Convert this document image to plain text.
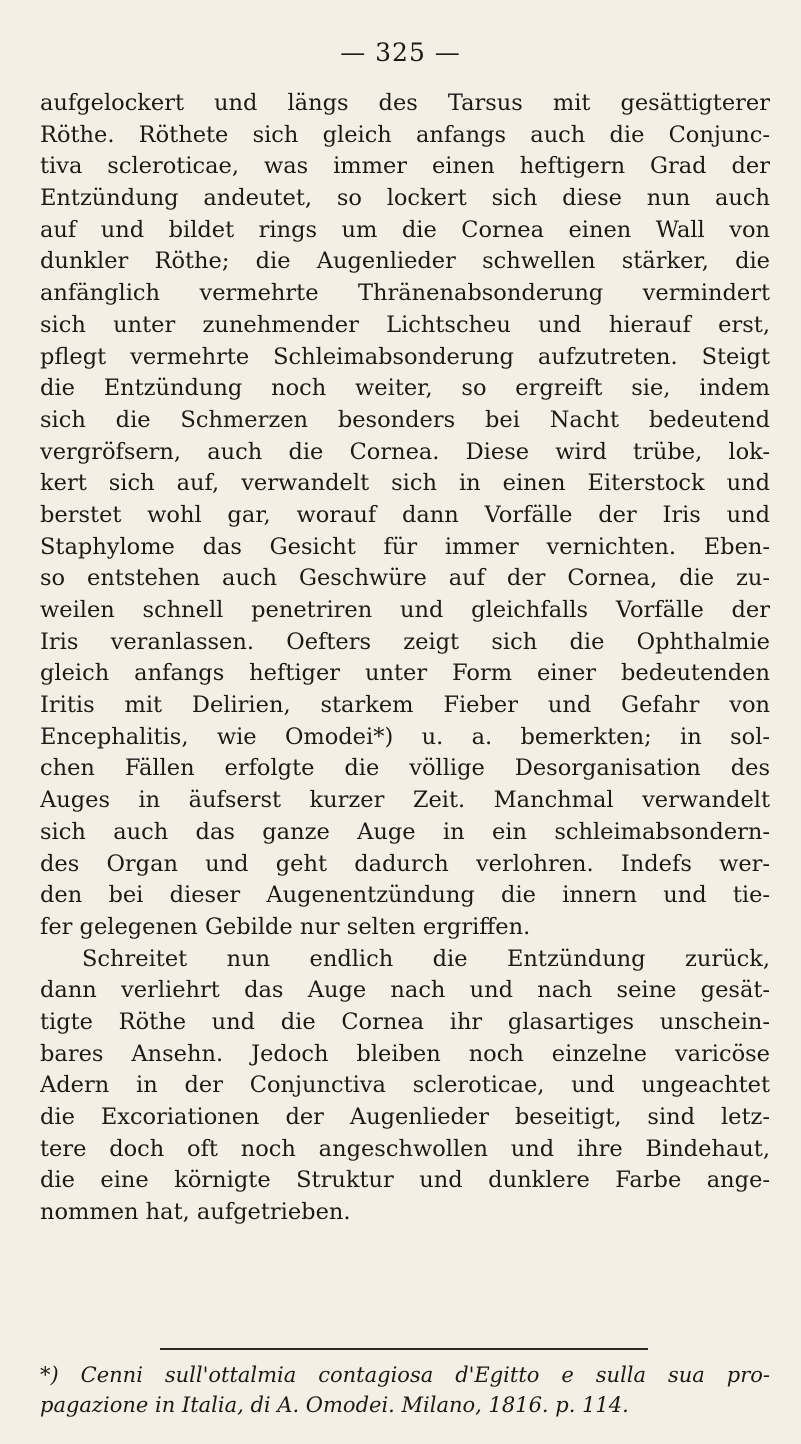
— 325 —
aufgelockert und längs des Tarsus mit gesättigterer
Röthe. Röthete sich gleich anfangs auch die Conjunc-
tiva scleroticae, was immer einen heftigern Grad der
Entzündung andeutet, so lockert sich diese nun auch
auf und bildet rings um die Cornea einen Wall von
dunkler Röthe; die Augenlieder schwellen stärker, die
anfänglich vermehrte Thränenabsonderung vermindert
sich unter zunehmender Lichtscheu und hierauf erst,
pflegt vermehrte Schleimabsonderung aufzutreten. Steigt
die Entzündung noch weiter, so ergreift sie, indem
sich die Schmerzen besonders bei Nacht bedeutend
vergröfsern, auch die Cornea. Diese wird trübe, lok-
kert sich auf, verwandelt sich in einen Eiterstock und
berstet wohl gar, worauf dann Vorfälle der Iris und
Staphylome das Gesicht für immer vernichten. Eben-
so entstehen auch Geschwüre auf der Cornea, die zu-
weilen schnell penetriren und gleichfalls Vorfälle der
Iris veranlassen. Oefters zeigt sich die Ophthalmie
gleich anfangs heftiger unter Form einer bedeutenden
Iritis mit Delirien, starkem Fieber und Gefahr von
Encephalitis, wie Omodei*) u. a. bemerkten; in sol-
chen Fällen erfolgte die völlige Desorganisation des
Auges in äufserst kurzer Zeit. Manchmal verwandelt
sich auch das ganze Auge in ein schleimabsondern-
des Organ und geht dadurch verlohren. Indefs wer-
den bei dieser Augenentzündung die innern und tie-
fer gelegenen Gebilde nur selten ergriffen.
Schreitet nun endlich die Entzündung zurück,
dann verliehrt das Auge nach und nach seine gesät-
tigte Röthe und die Cornea ihr glasartiges unschein-
bares Ansehn. Jedoch bleiben noch einzelne varicöse
Adern in der Conjunctiva scleroticae, und ungeachtet
die Excoriationen der Augenlieder beseitigt, sind letz-
tere doch oft noch angeschwollen und ihre Bindehaut,
die eine körnigte Struktur und dunklere Farbe ange-
nommen hat, aufgetrieben.
*) Cenni sull'ottalmia contagiosa d'Egitto e sulla sua pro-
pagazione in Italia, di A. Omodei. Milano, 1816. p. 114.
